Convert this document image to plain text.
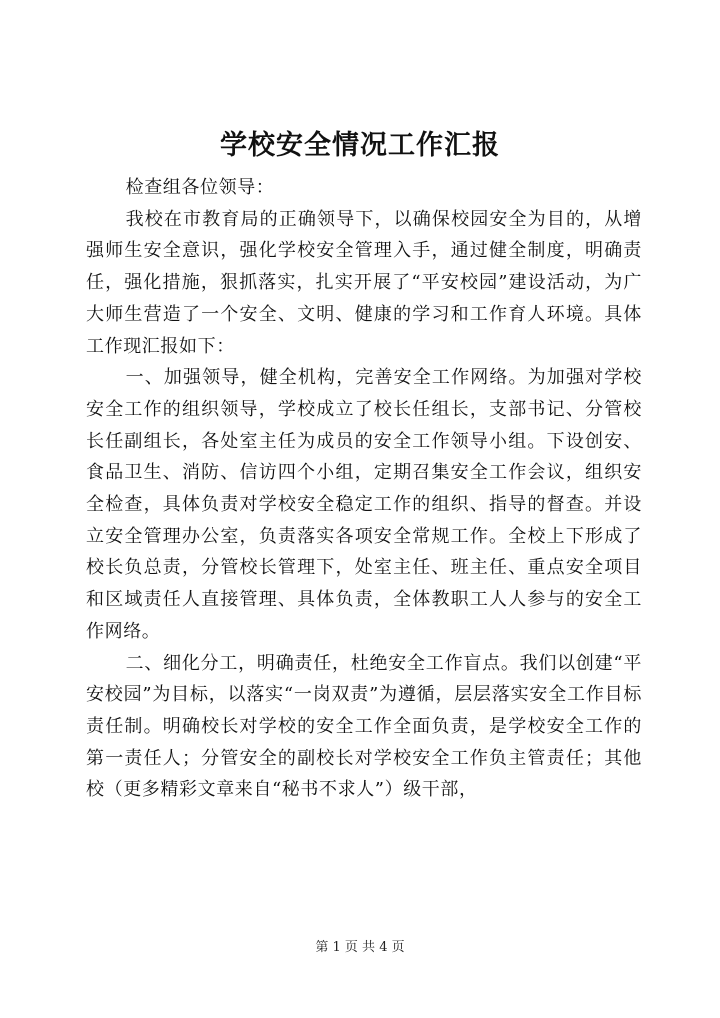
学校安全情况工作汇报

检查组各位领导：

我校在市教育局的正确领导下，以确保校园安全为目的，从增强师生安全意识，强化学校安全管理入手，通过健全制度，明确责任，强化措施，狠抓落实，扎实开展了“平安校园”建设活动，为广大师生营造了一个安全、文明、健康的学习和工作育人环境。具体工作现汇报如下：

一、加强领导，健全机构，完善安全工作网络。为加强对学校安全工作的组织领导，学校成立了校长任组长，支部书记、分管校长任副组长，各处室主任为成员的安全工作领导小组。下设创安、食品卫生、消防、信访四个小组，定期召集安全工作会议，组织安全检查，具体负责对学校安全稳定工作的组织、指导的督查。并设立安全管理办公室，负责落实各项安全常规工作。全校上下形成了校长负总责，分管校长管理下，处室主任、班主任、重点安全项目和区域责任人直接管理、具体负责，全体教职工人人参与的安全工作网络。

二、细化分工，明确责任，杜绝安全工作盲点。我们以创建“平安校园”为目标，以落实“一岗双责”为遵循，层层落实安全工作目标责任制。明确校长对学校的安全工作全面负责，是学校安全工作的第一责任人；分管安全的副校长对学校安全工作负主管责任；其他校（更多精彩文章来自“秘书不求人”）级干部，

第 1 页 共 4 页
